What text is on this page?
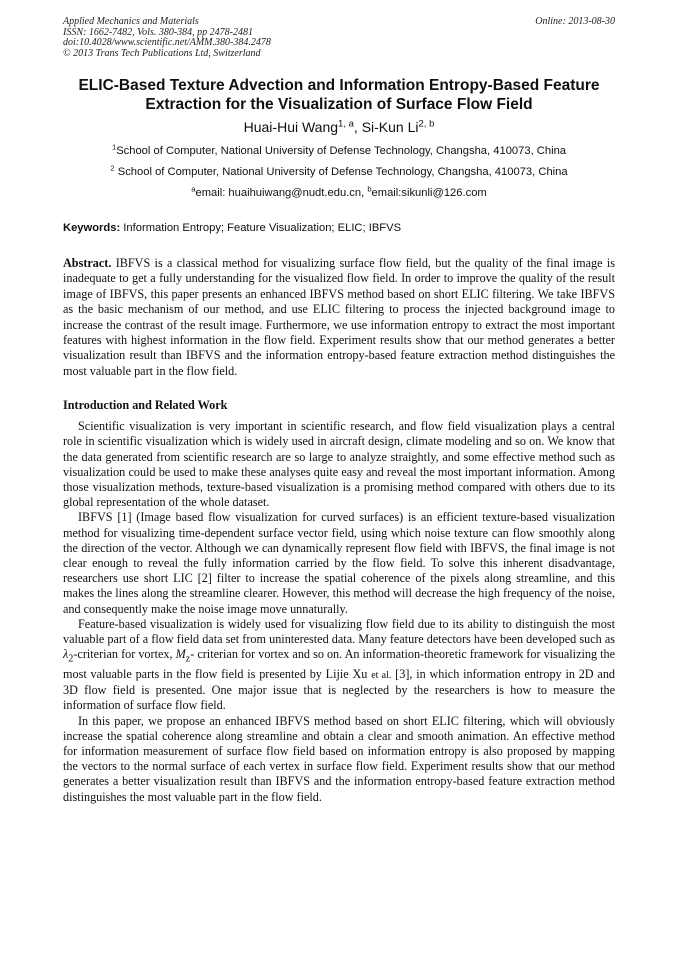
Applied Mechanics and Materials
ISSN: 1662-7482, Vols. 380-384, pp 2478-2481
doi:10.4028/www.scientific.net/AMM.380-384.2478
© 2013 Trans Tech Publications Ltd, Switzerland
Online: 2013-08-30
ELIC-Based Texture Advection and Information Entropy-Based Feature Extraction for the Visualization of Surface Flow Field
Huai-Hui Wang$^{1, a}$, Si-Kun Li$^{2, b}$
$^1$School of Computer, National University of Defense Technology, Changsha, 410073, China
$^2$ School of Computer, National University of Defense Technology, Changsha, 410073, China
$^a$email: huaihuiwang@nudt.edu.cn, $^b$email:sikunli@126.com
Keywords: Information Entropy; Feature Visualization; ELIC; IBFVS
Abstract. IBFVS is a classical method for visualizing surface flow field, but the quality of the final image is inadequate to get a fully understanding for the visualized flow field. In order to improve the quality of the result image of IBFVS, this paper presents an enhanced IBFVS method based on short ELIC filtering. We take IBFVS as the basic mechanism of our method, and use ELIC filtering to process the injected background image to increase the contrast of the result image. Furthermore, we use information entropy to extract the most important features with highest information in the flow field. Experiment results show that our method generates a better visualization result than IBFVS and the information entropy-based feature extraction method distinguishes the most valuable part in the flow field.
Introduction and Related Work

Scientific visualization is very important in scientific research, and flow field visualization plays a central role in scientific visualization which is widely used in aircraft design, climate modeling and so on. We know that the data generated from scientific research are so large to analyze straightly, and some effective method such as visualization could be used to make these analyses quite easy and reveal the most important information. Among those visualization methods, texture-based visualization is a promising method compared with others due to its global representation of the whole dataset.

IBFVS [1] (Image based flow visualization for curved surfaces) is an efficient texture-based visualization method for visualizing time-dependent surface vector field, using which noise texture can flow smoothly along the direction of the vector. Although we can dynamically represent flow field with IBFVS, the final image is not clear enough to reveal the fully information carried by the flow field. To solve this inherent disadvantage, researchers use short LIC [2] filter to increase the spatial coherence of the pixels along streamline, and this makes the lines along the streamline clearer. However, this method will decrease the high frequency of the noise, and consequently make the noise image move unnaturally.

Feature-based visualization is widely used for visualizing flow field due to its ability to distinguish the most valuable part of a flow field data set from uninterested data. Many feature detectors have been developed such as $\lambda_2$-criterian for vortex, $M_z-$ criterian for vortex and so on. An information-theoretic framework for visualizing the most valuable parts in the flow field is presented by Lijie Xu et al. [3], in which information entropy in 2D and 3D flow field is presented. One major issue that is neglected by the researchers is how to measure the information of surface flow field.

In this paper, we propose an enhanced IBFVS method based on short ELIC filtering, which will obviously increase the spatial coherence along streamline and obtain a clear and smooth animation. An effective method for information measurement of surface flow field based on information entropy is also proposed by mapping the vectors to the normal surface of each vertex in surface flow field. Experiment results show that our method generates a better visualization result than IBFVS and the information entropy-based feature extraction method distinguishes the most valuable part in the flow field.
